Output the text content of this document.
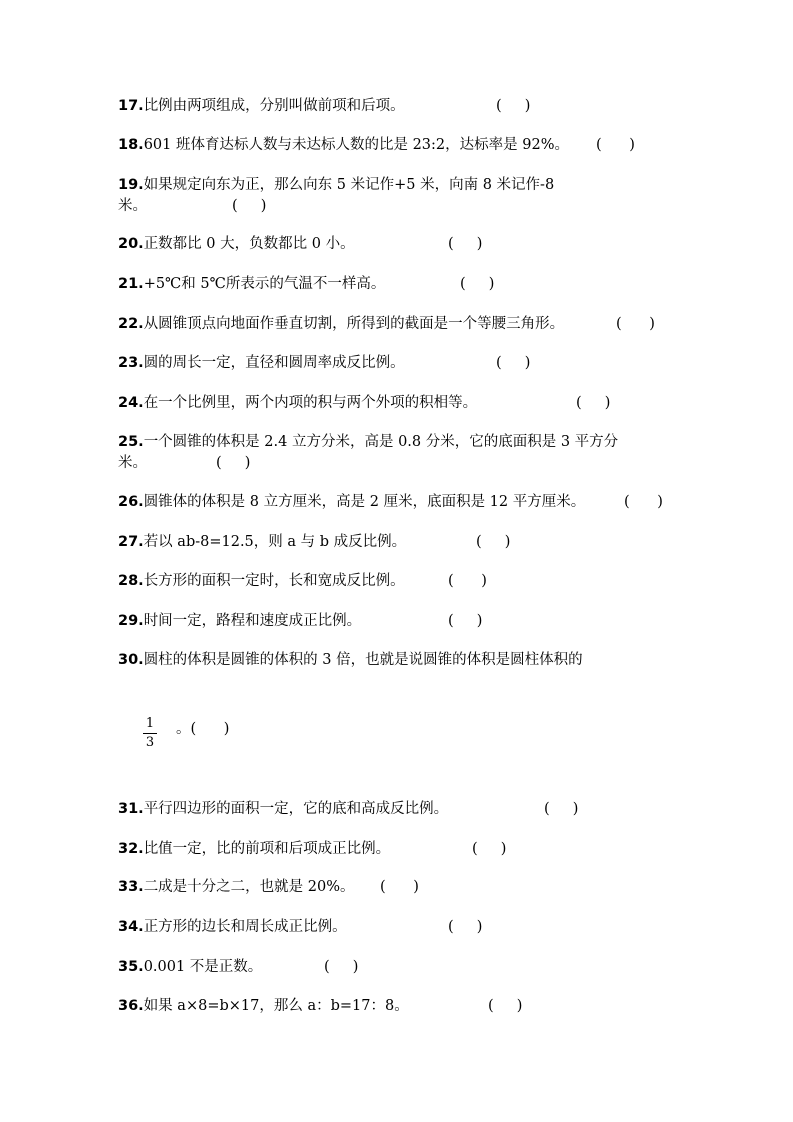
17.比例由两项组成，分别叫做前项和后项。	(     )
18.601 班体育达标人数与未达标人数的比是 23:2，达标率是 92%。	(      )
19.如果规定向东为正，那么向东 5 米记作+5 米，向南 8 米记作-8
米。	(     )
20.正数都比 0 大，负数都比 0 小。	(     )
21.+5℃和 5℃所表示的气温不一样高。	(     )
22.从圆锥顶点向地面作垂直切割，所得到的截面是一个等腰三角形。	(      )
23.圆的周长一定，直径和圆周率成反比例。	(     )
24.在一个比例里，两个内项的积与两个外项的积相等。	(     )
25.一个圆锥的体积是 2.4 立方分米，高是 0.8 分米，它的底面积是 3 平方分
米。	(     )
26.圆锥体的体积是 8 立方厘米，高是 2 厘米，底面积是 12 平方厘米。	(      )
27.若以 ab-8=12.5，则 a 与 b 成反比例。	(     )
28.长方形的面积一定时，长和宽成反比例。	(      )
29.时间一定，路程和速度成正比例。	(     )
30.圆柱的体积是圆锥的体积的 3 倍，也就是说圆锥的体积是圆柱体积的
1
3
。(      )
31.平行四边形的面积一定，它的底和高成反比例。	(     )
32.比值一定，比的前项和后项成正比例。	(     )
33.二成是十分之二，也就是 20%。	(      )
34.正方形的边长和周长成正比例。	(     )
35.0.001 不是正数。	(     )
36.如果 a×8=b×17，那么 a：b=17：8。	(     )
